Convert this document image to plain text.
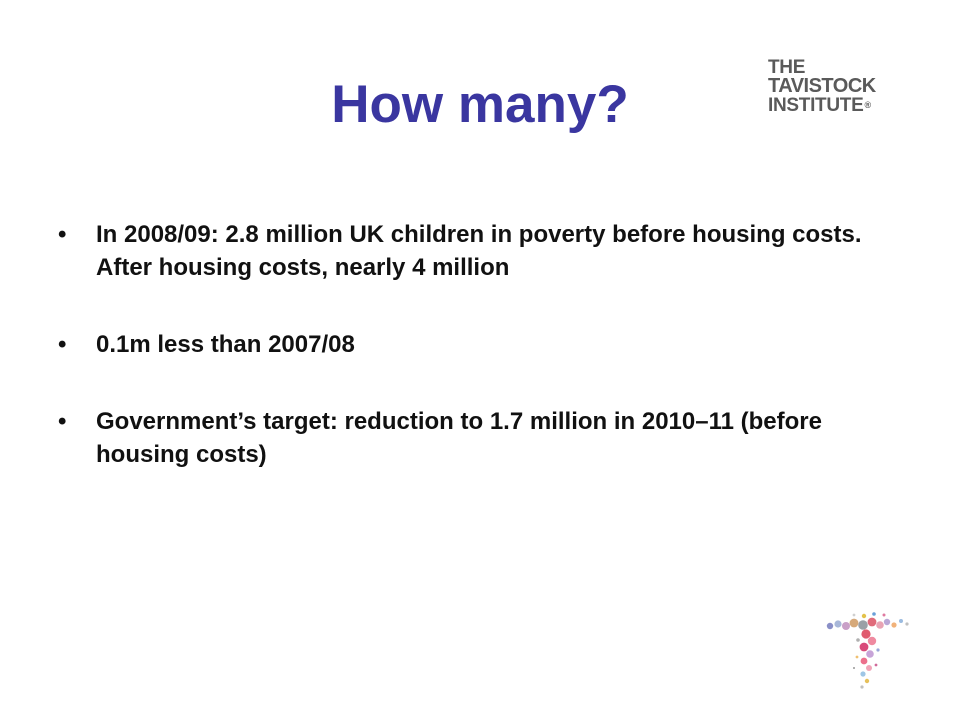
How many?
THE
TAVISTOCK
INSTITUTE®
•	In 2008/09: 2.8 million UK children in poverty before housing costs. After housing costs, nearly 4 million
•	0.1m less than 2007/08
•	Government’s target: reduction to 1.7 million in 2010–11 (before housing costs)
